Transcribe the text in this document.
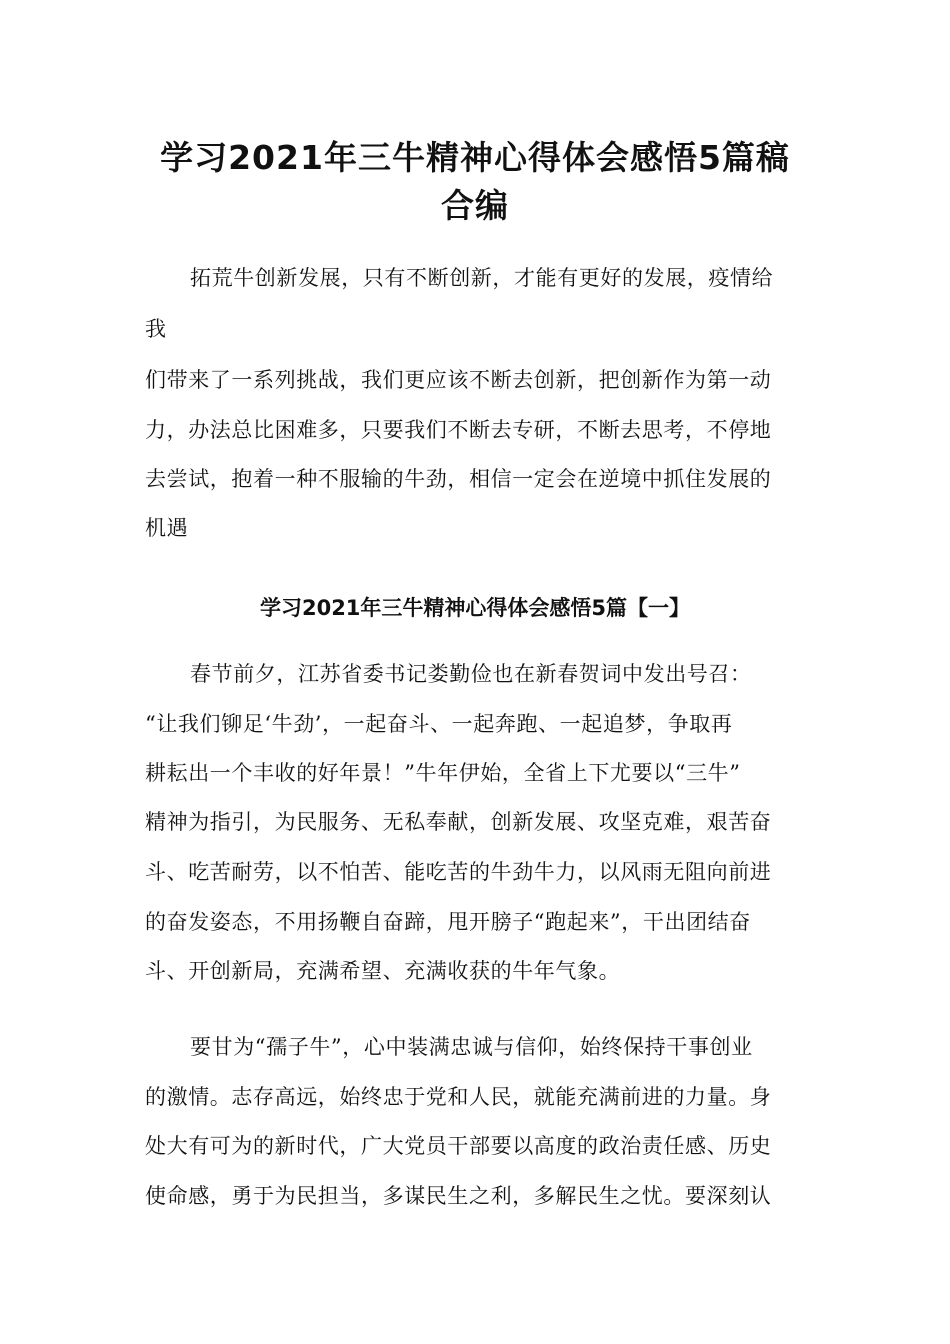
学习2021年三牛精神心得体会感悟5篇稿
合编
拓荒牛创新发展，只有不断创新，才能有更好的发展，疫情给
我
们带来了一系列挑战，我们更应该不断去创新，把创新作为第一动
力，办法总比困难多，只要我们不断去专研，不断去思考，不停地
去尝试，抱着一种不服输的牛劲，相信一定会在逆境中抓住发展的
机遇
学习2021年三牛精神心得体会感悟5篇【一】
春节前夕，江苏省委书记娄勤俭也在新春贺词中发出号召：
“让我们铆足‘牛劲’，一起奋斗、一起奔跑、一起追梦，争取再
耕耘出一个丰收的好年景！”牛年伊始，全省上下尤要以“三牛”
精神为指引，为民服务、无私奉献，创新发展、攻坚克难，艰苦奋
斗、吃苦耐劳，以不怕苦、能吃苦的牛劲牛力，以风雨无阻向前进
的奋发姿态，不用扬鞭自奋蹄，甩开膀子“跑起来”，干出团结奋
斗、开创新局，充满希望、充满收获的牛年气象。
要甘为“孺子牛”，心中装满忠诚与信仰，始终保持干事创业
的激情。志存高远，始终忠于党和人民，就能充满前进的力量。身
处大有可为的新时代，广大党员干部要以高度的政治责任感、历史
使命感，勇于为民担当，多谋民生之利，多解民生之忧。要深刻认
